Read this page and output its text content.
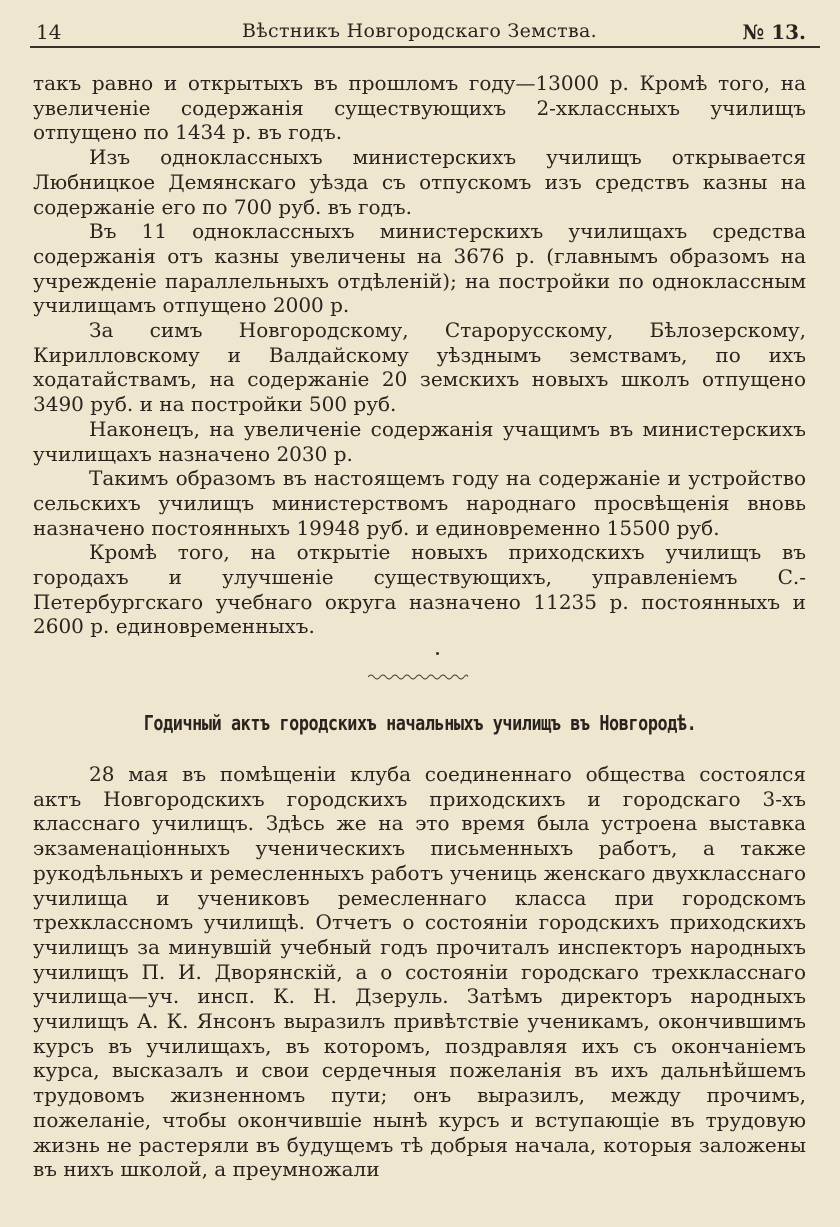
14	Вѣстникъ Новгородскаго Земства.	№ 13.

такъ равно и открытыхъ въ прошломъ году—13000 р. Кромѣ того, на увеличеніе содержанія существующихъ 2-хклассныхъ училищъ отпущено по 1434 р. въ годъ.

Изъ одноклассныхъ министерскихъ училищъ открывается Любницкое Демянскаго уѣзда съ отпускомъ изъ средствъ казны на содержаніе его по 700 руб. въ годъ.

Въ 11 одноклассныхъ министерскихъ училищахъ средства содержанія отъ казны увеличены на 3676 р. (главнымъ образомъ на учрежденіе параллельныхъ отдѣленій); на постройки по одноклассным училищамъ отпущено 2000 р.

За симъ Новгородскому, Старорусскому, Бѣлозерскому, Кирилловскому и Валдайскому уѣзднымъ земствамъ, по ихъ ходатайствамъ, на содержаніе 20 земскихъ новыхъ школъ отпущено 3490 руб. и на постройки 500 руб.

Наконецъ, на увеличеніе содержанія учащимъ въ министерскихъ училищахъ назначено 2030 р.

Такимъ образомъ въ настоящемъ году на содержаніе и устройство сельскихъ училищъ министерствомъ народнаго просвѣщенія вновь назначено постоянныхъ 19948 руб. и единовременно 15500 руб.

Кромѣ того, на открытіе новыхъ приходскихъ училищъ въ городахъ и улучшеніе существующихъ, управленіемъ С.-Петербургскаго учебнаго округа назначено 11235 р. постоянныхъ и 2600 р. единовременныхъ.

Годичный актъ городскихъ начальныхъ училищъ въ Новгородѣ.

28 мая въ помѣщеніи клуба соединеннаго общества состоялся актъ Новгородскихъ городскихъ приходскихъ и городскаго 3-хъ класснаго училищъ. Здѣсь же на это время была устроена выставка экзаменаціонныхъ ученическихъ письменныхъ работъ, а также рукодѣльныхъ и ремесленныхъ работъ учениць женскаго двухкласснаго училища и учениковъ ремесленнаго класса при городскомъ трехклассномъ училищѣ. Отчетъ о состояніи городскихъ приходскихъ училищъ за минувшій учебный годъ прочиталъ инспекторъ народныхъ училищъ П. И. Дворянскій, а о состояніи городскаго трехкласснаго училища—уч. инсп. К. Н. Дзеруль. Затѣмъ директоръ народныхъ училищъ А. К. Янсонъ выразилъ привѣтствіе ученикамъ, окончившимъ курсъ въ училищахъ, въ которомъ, поздравляя ихъ съ окончаніемъ курса, высказалъ и свои сердечныя пожеланія въ ихъ дальнѣйшемъ трудовомъ жизненномъ пути; онъ выразилъ, между прочимъ, пожеланіе, чтобы окончившіе нынѣ курсъ и вступающіе въ трудовую жизнь не растеряли въ будущемъ тѣ добрыя начала, которыя заложены въ нихъ школой, а преумножали
